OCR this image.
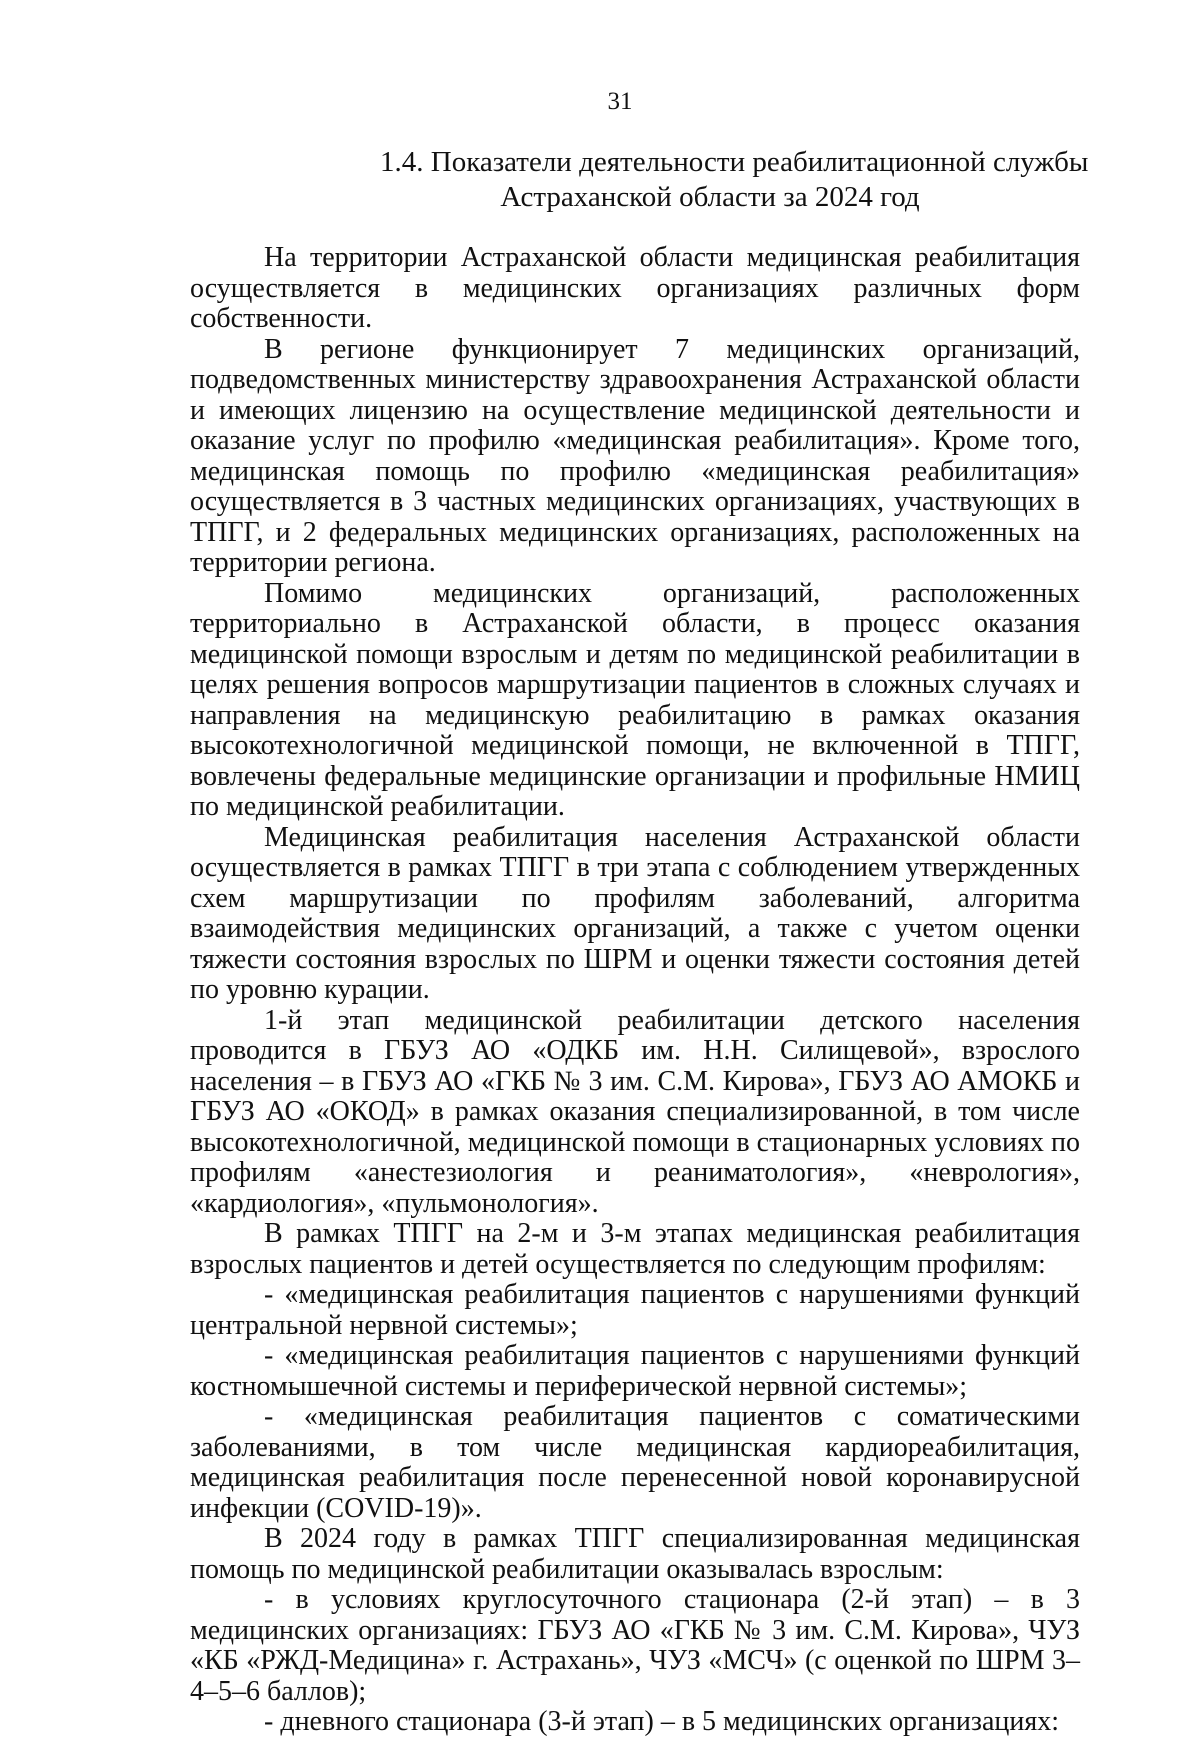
31
1.4. Показатели деятельности реабилитационной службы
Астраханской области за 2024 год

На территории Астраханской области медицинская реабилитация осуществляется в медицинских организациях различных форм собственности.

В регионе функционирует 7 медицинских организаций, подведомственных министерству здравоохранения Астраханской области и имеющих лицензию на осуществление медицинской деятельности и оказание услуг по профилю «медицинская реабилитация». Кроме того, медицинская помощь по профилю «медицинская реабилитация» осуществляется в 3 частных медицинских организациях, участвующих в ТПГГ, и 2 федеральных медицинских организациях, расположенных на территории региона.

Помимо медицинских организаций, расположенных территориально в Астраханской области, в процесс оказания медицинской помощи взрослым и детям по медицинской реабилитации в целях решения вопросов маршрутизации пациентов в сложных случаях и направления на медицинскую реабилитацию в рамках оказания высокотехнологичной медицинской помощи, не включенной в ТПГГ, вовлечены федеральные медицинские организации и профильные НМИЦ по медицинской реабилитации.

Медицинская реабилитация населения Астраханской области осуществляется в рамках ТПГГ в три этапа с соблюдением утвержденных схем маршрутизации по профилям заболеваний, алгоритма взаимодействия медицинских организаций, а также с учетом оценки тяжести состояния взрослых по ШРМ и оценки тяжести состояния детей по уровню курации.

1-й этап медицинской реабилитации детского населения проводится в ГБУЗ АО «ОДКБ им. Н.Н. Силищевой», взрослого населения – в ГБУЗ АО «ГКБ № 3 им. С.М. Кирова», ГБУЗ АО АМОКБ и ГБУЗ АО «ОКОД» в рамках оказания специализированной, в том числе высокотехнологичной, медицинской помощи в стационарных условиях по профилям «анестезиология и реаниматология», «неврология», «кардиология», «пульмонология».

В рамках ТПГГ на 2-м и 3-м этапах медицинская реабилитация взрослых пациентов и детей осуществляется по следующим профилям:

- «медицинская реабилитация пациентов с нарушениями функций центральной нервной системы»;

- «медицинская реабилитация пациентов с нарушениями функций костномышечной системы и периферической нервной системы»;

- «медицинская реабилитация пациентов с соматическими заболеваниями, в том числе медицинская кардиореабилитация, медицинская реабилитация после перенесенной новой коронавирусной инфекции (COVID-19)».

В 2024 году в рамках ТПГГ специализированная медицинская помощь по медицинской реабилитации оказывалась взрослым:

- в условиях круглосуточного стационара (2-й этап) – в 3 медицинских организациях: ГБУЗ АО «ГКБ № 3 им. С.М. Кирова», ЧУЗ «КБ «РЖД-Медицина» г. Астрахань», ЧУЗ «МСЧ» (с оценкой по ШРМ 3–4–5–6 баллов);

- дневного стационара (3-й этап) – в 5 медицинских организациях:
